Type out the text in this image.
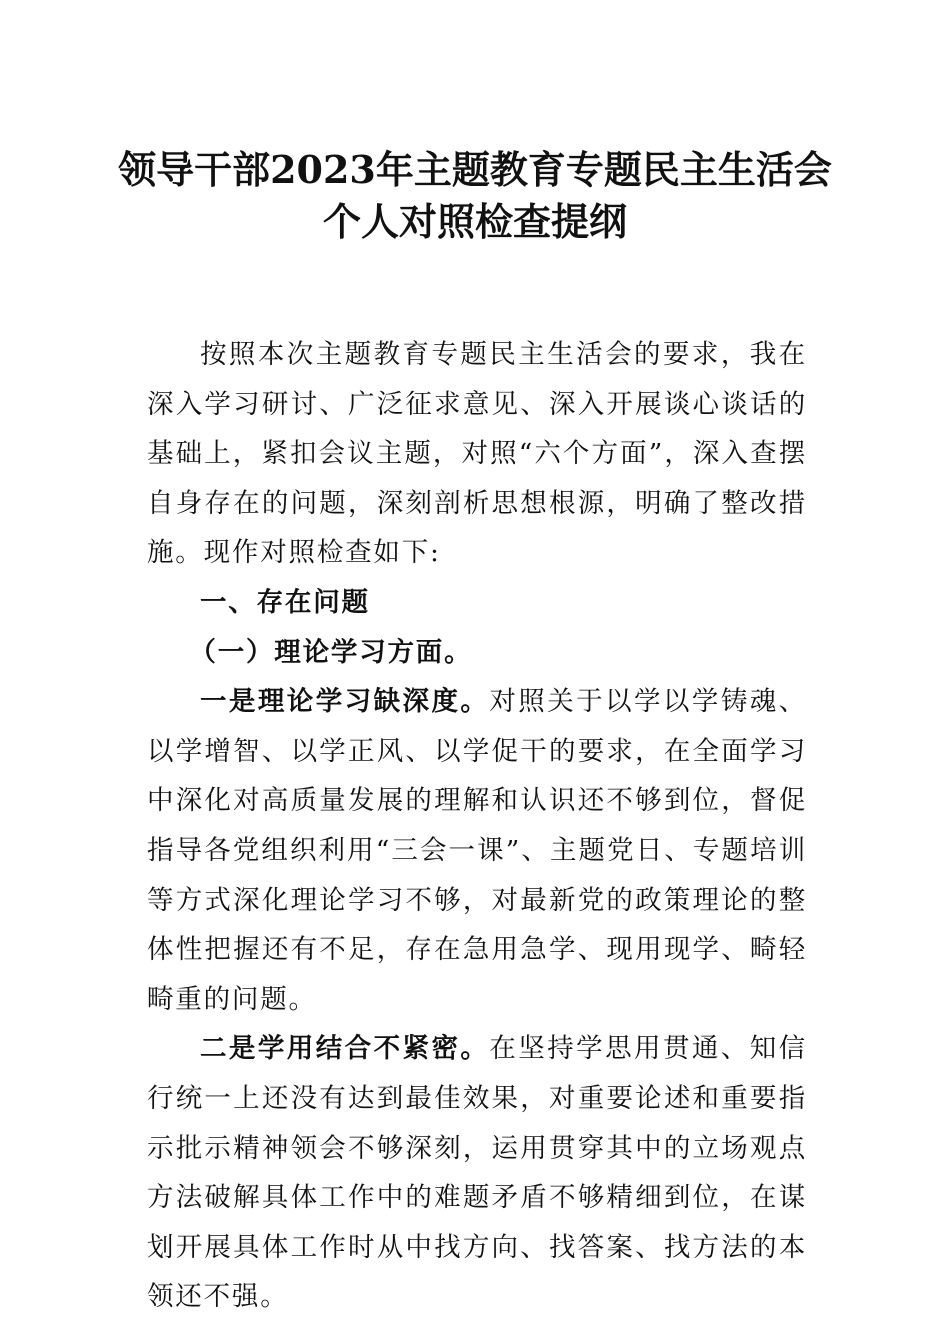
领导干部2023年主题教育专题民主生活会
个人对照检查提纲

按照本次主题教育专题民主生活会的要求，我在深入学习研讨、广泛征求意见、深入开展谈心谈话的基础上，紧扣会议主题，对照“六个方面”，深入查摆自身存在的问题，深刻剖析思想根源，明确了整改措施。现作对照检查如下:

一、存在问题

（一）理论学习方面。

一是理论学习缺深度。对照关于以学以学铸魂、以学增智、以学正风、以学促干的要求，在全面学习中深化对高质量发展的理解和认识还不够到位，督促指导各党组织利用“三会一课”、主题党日、专题培训等方式深化理论学习不够，对最新党的政策理论的整体性把握还有不足，存在急用急学、现用现学、畸轻畸重的问题。

二是学用结合不紧密。在坚持学思用贯通、知信行统一上还没有达到最佳效果，对重要论述和重要指示批示精神领会不够深刻，运用贯穿其中的立场观点方法破解具体工作中的难题矛盾不够精细到位，在谋划开展具体工作时从中找方向、找答案、找方法的本领还不强。
